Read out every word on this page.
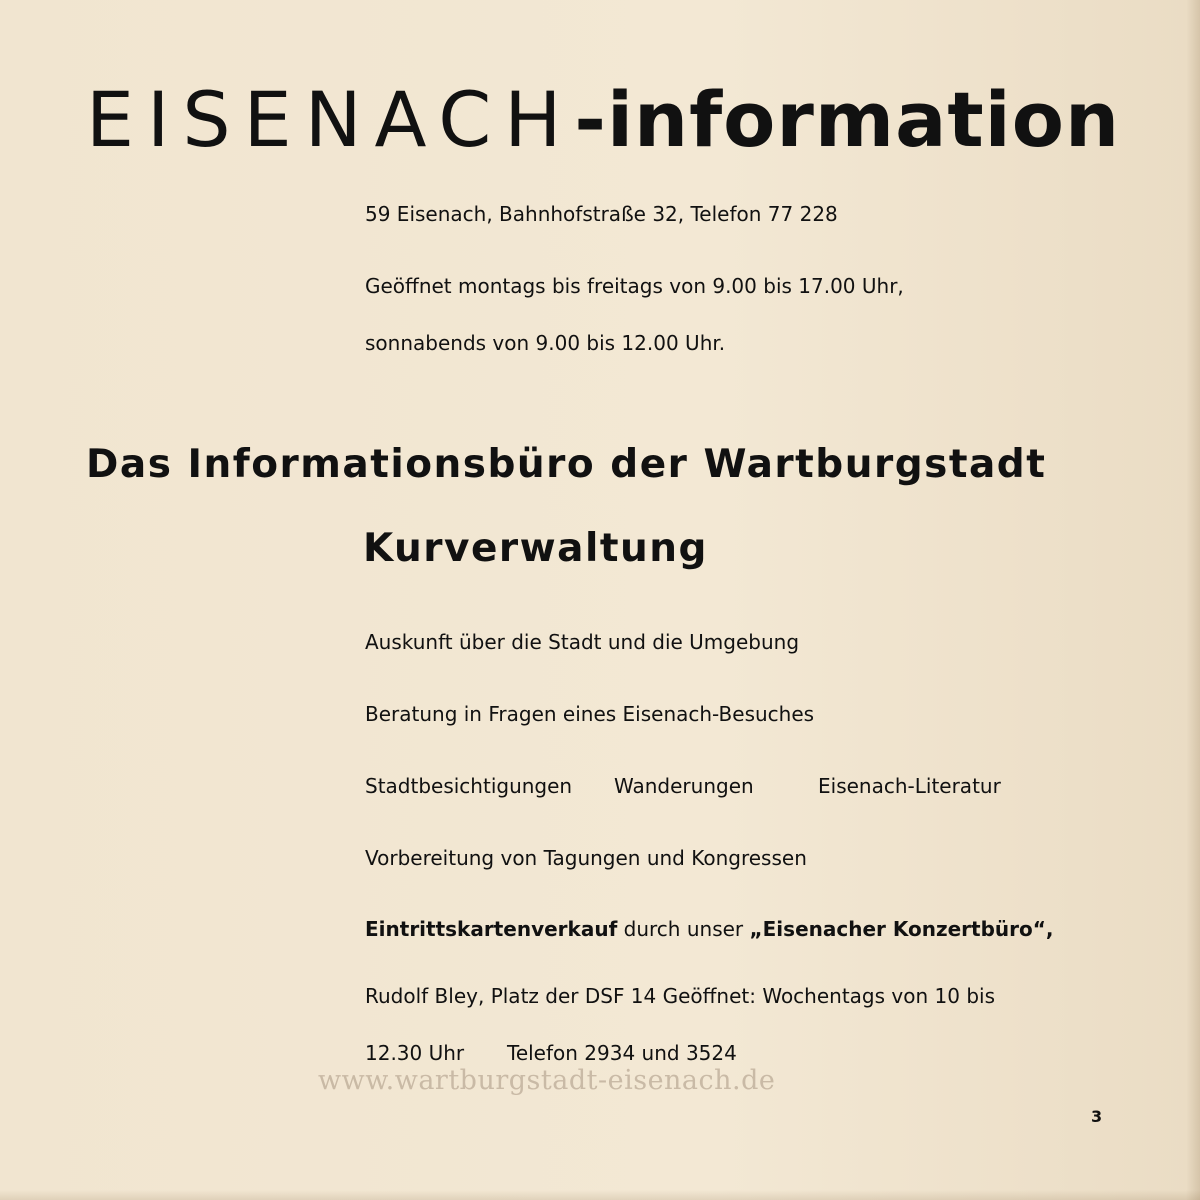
EISENACH-information

59 Eisenach, Bahnhofstraße 32, Telefon 77 228

Geöffnet montags bis freitags von 9.00 bis 17.00 Uhr,

sonnabends von 9.00 bis 12.00 Uhr.

Das Informationsbüro der Wartburgstadt
Kurverwaltung

Auskunft über die Stadt und die Umgebung

Beratung in Fragen eines Eisenach-Besuches

Stadtbesichtigungen Wanderungen	Eisenach-Literatur

Vorbereitung von Tagungen und Kongressen

Eintrittskartenverkauf durch unser „Eisenacher Konzertbüro“,

Rudolf Bley, Platz der DSF 14 Geöffnet: Wochentags von 10 bis

12.30 Uhr Telefon 2934 und 3524

www.wartburgstadt-eisenach.de

3
